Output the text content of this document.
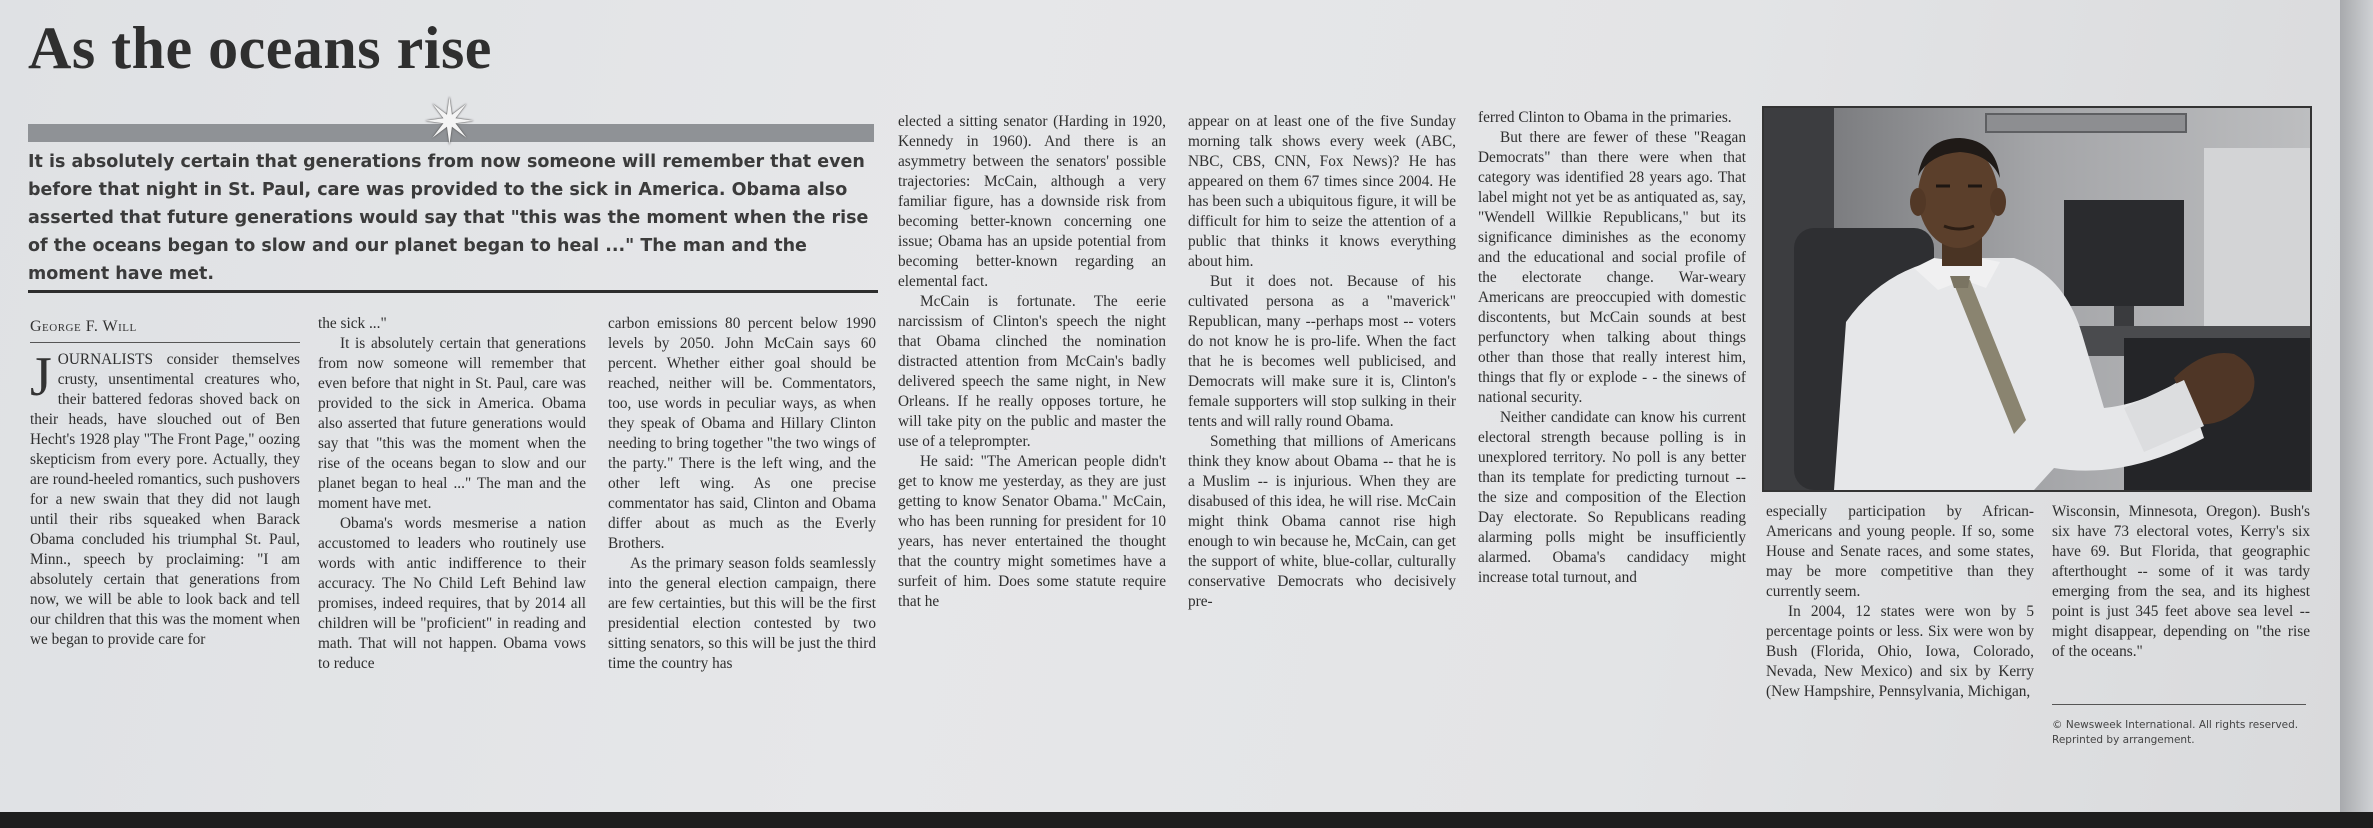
As the oceans rise
✴

It is absolutely certain that generations from now someone will remember that even before that night in St. Paul, care was provided to the sick in America. Obama also asserted that future generations would say that "this was the moment when the rise of the oceans began to slow and our planet began to heal ..." The man and the moment have met.

George F. Will

J OURNALISTS consider themselves crusty, unsentimental creatures who, their battered fedoras shoved back on their heads, have slouched out of Ben Hecht's 1928 play "The Front Page," oozing skepticism from every pore. Actually, they are round-heeled romantics, such pushovers for a new swain that they did not laugh until their ribs squeaked when Barack Obama concluded his triumphal St. Paul, Minn., speech by proclaiming: "I am absolutely certain that generations from now, we will be able to look back and tell our children that this was the moment when we began to provide care for

the sick ..."

It is absolutely certain that generations from now someone will remember that even before that night in St. Paul, care was provided to the sick in America. Obama also asserted that future generations would say that "this was the moment when the rise of the oceans began to slow and our planet began to heal ..." The man and the moment have met.

Obama's words mesmerise a nation accustomed to leaders who routinely use words with antic indifference to their accuracy. The No Child Left Behind law promises, indeed requires, that by 2014 all children will be "proficient" in reading and math. That will not happen. Obama vows to reduce

carbon emissions 80 percent below 1990 levels by 2050. John McCain says 60 percent. Whether either goal should be reached, neither will be. Commentators, too, use words in peculiar ways, as when they speak of Obama and Hillary Clinton needing to bring together "the two wings of the party." There is the left wing, and the other left wing. As one precise commentator has said, Clinton and Obama differ about as much as the Everly Brothers.

As the primary season folds seamlessly into the general election campaign, there are few certainties, but this will be the first presidential election contested by two sitting senators, so this will be just the third time the country has

elected a sitting senator (Harding in 1920, Kennedy in 1960). And there is an asymmetry between the senators' possible trajectories: McCain, although a very familiar figure, has a downside risk from becoming better-known concerning one issue; Obama has an upside potential from becoming better-known regarding an elemental fact.

McCain is fortunate. The eerie narcissism of Clinton's speech the night that Obama clinched the nomination distracted attention from McCain's badly delivered speech the same night, in New Orleans. If he really opposes torture, he will take pity on the public and master the use of a teleprompter.

He said: "The American people didn't get to know me yesterday, as they are just getting to know Senator Obama." McCain, who has been running for president for 10 years, has never entertained the thought that the country might sometimes have a surfeit of him. Does some statute require that he

appear on at least one of the five Sunday morning talk shows every week (ABC, NBC, CBS, CNN, Fox News)? He has appeared on them 67 times since 2004. He has been such a ubiquitous figure, it will be difficult for him to seize the attention of a public that thinks it knows everything about him.

But it does not. Because of his cultivated persona as a "maverick" Republican, many --perhaps most -- voters do not know he is pro-life. When the fact that he is becomes well publicised, and Democrats will make sure it is, Clinton's female supporters will stop sulking in their tents and will rally round Obama.

Something that millions of Americans think they know about Obama -- that he is a Muslim -- is injurious. When they are disabused of this idea, he will rise. McCain might think Obama cannot rise high enough to win because he, McCain, can get the support of white, blue-collar, culturally conservative Democrats who decisively pre-

ferred Clinton to Obama in the primaries.

But there are fewer of these "Reagan Democrats" than there were when that category was identified 28 years ago. That label might not yet be as antiquated as, say, "Wendell Willkie Republicans," but its significance diminishes as the economy and the educational and social profile of the electorate change. War-weary Americans are preoccupied with domestic discontents, but McCain sounds at best perfunctory when talking about things other than those that really interest him, things that fly or explode - - the sinews of national security.

Neither candidate can know his current electoral strength because polling is in unexplored territory. No poll is any better than its template for predicting turnout -- the size and composition of the Election Day electorate. So Republicans reading alarming polls might be insufficiently alarmed. Obama's candidacy might increase total turnout, and

especially participation by African-Americans and young people. If so, some House and Senate races, and some states, may be more competitive than they currently seem.

In 2004, 12 states were won by 5 percentage points or less. Six were won by Bush (Florida, Ohio, Iowa, Colorado, Nevada, New Mexico) and six by Kerry (New Hampshire, Pennsylvania, Michigan,

Wisconsin, Minnesota, Oregon). Bush's six have 73 electoral votes, Kerry's six have 69. But Florida, that geographic afterthought -- some of it was tardy emerging from the sea, and its highest point is just 345 feet above sea level -- might disappear, depending on "the rise of the oceans."

© Newsweek International. All rights reserved.
Reprinted by arrangement.
